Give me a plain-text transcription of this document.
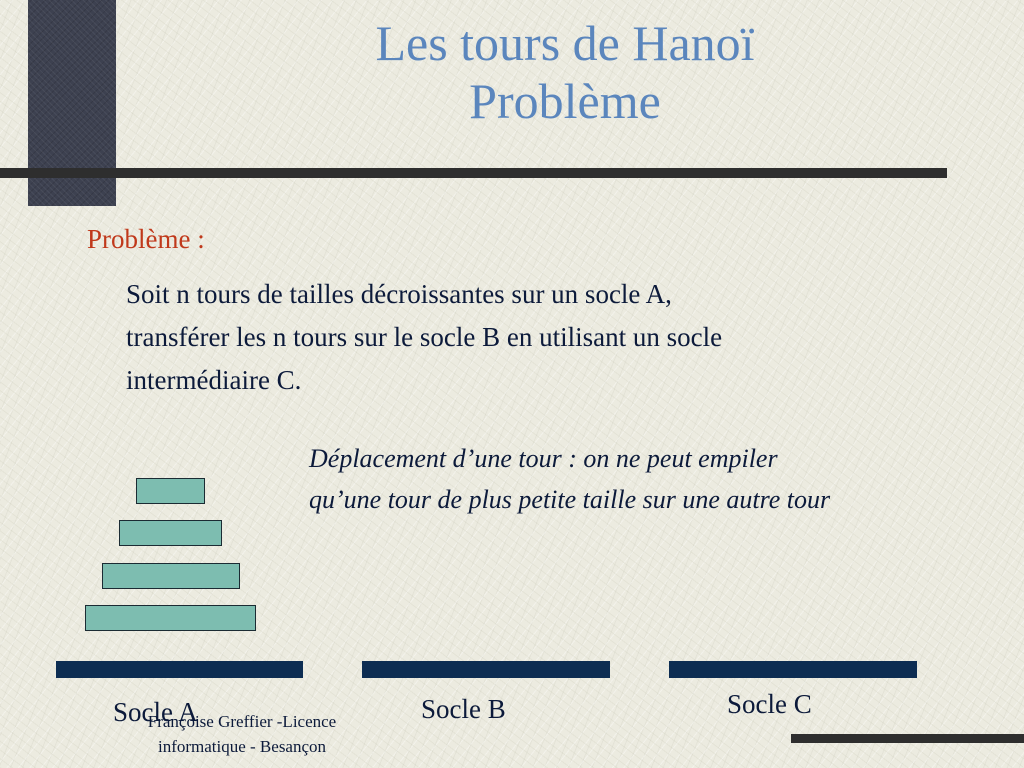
Les tours de Hanoï
Problème
Problème :
Soit n tours de tailles décroissantes sur un socle A,
transférer les n tours sur le socle B en utilisant un socle
intermédiaire C.
Déplacement d’une tour : on ne peut empiler
qu’une tour de plus petite taille sur une autre tour
Socle A	Socle B	Socle C
Françoise Greffier -Licence
informatique - Besançon
